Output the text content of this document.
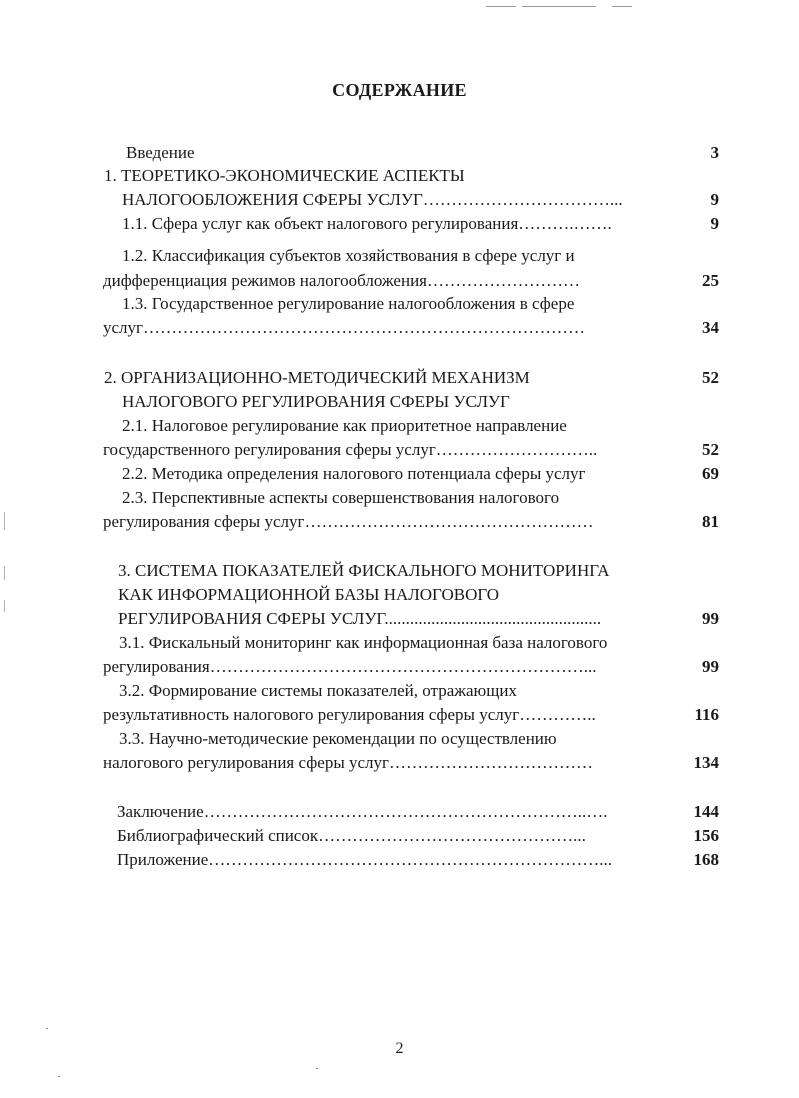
СОДЕРЖАНИЕ
Введение	3
1. ТЕОРЕТИКО-ЭКОНОМИЧЕСКИЕ АСПЕКТЫ
НАЛОГООБЛОЖЕНИЯ СФЕРЫ УСЛУГ……………………………...	9
1.1. Сфера услуг как объект налогового регулирования……….…….	9
1.2. Классификация субъектов хозяйствования в сфере услуг и
дифференциация режимов налогообложения………………………	25
1.3. Государственное регулирование налогообложения в сфере
услуг……………………………………………………………………	34
2. ОРГАНИЗАЦИОННО-МЕТОДИЧЕСКИЙ МЕХАНИЗМ	52
НАЛОГОВОГО РЕГУЛИРОВАНИЯ СФЕРЫ УСЛУГ
2.1. Налоговое регулирование как приоритетное направление
государственного регулирования сферы услуг………………………..	52
2.2. Методика определения налогового потенциала сферы услуг	69
2.3. Перспективные аспекты совершенствования налогового
регулирования сферы услуг……………………………………………	81
3. СИСТЕМА ПОКАЗАТЕЛЕЙ ФИСКАЛЬНОГО МОНИТОРИНГА
КАК ИНФОРМАЦИОННОЙ БАЗЫ НАЛОГОВОГО
РЕГУЛИРОВАНИЯ СФЕРЫ УСЛУГ...................................................	99
3.1. Фискальный мониторинг как информационная база налогового
регулирования…………………………………………………………...	99
3.2. Формирование системы показателей, отражающих
результативность налогового регулирования сферы услуг…………..	116
3.3. Научно-методические рекомендации по осуществлению
налогового регулирования сферы услуг………………………………	134
Заключение…………………………………………………………..….	144
Библиографический список………………………………………...	156
Приложение……………………………………………………………...	168
2
